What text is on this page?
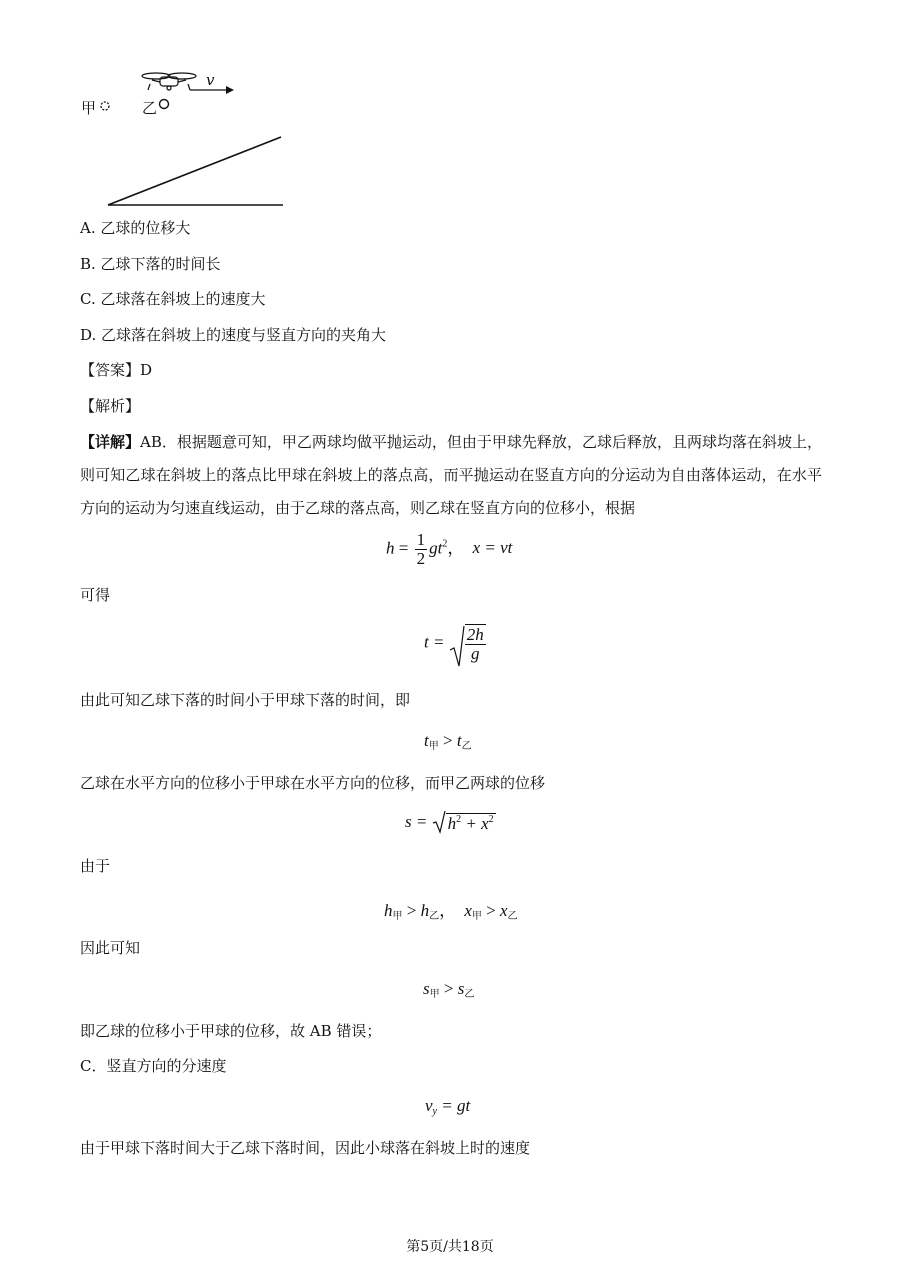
甲	乙
v
A. 乙球的位移大
B. 乙球下落的时间长
C. 乙球落在斜坡上的速度大
D. 乙球落在斜坡上的速度与竖直方向的夹角大
【答案】D
【解析】
【详解】AB．根据题意可知，甲乙两球均做平抛运动，但由于甲球先释放，乙球后释放，且两球均落在斜坡上，则可知乙球在斜坡上的落点比甲球在斜坡上的落点高，而平抛运动在竖直方向的分运动为自由落体运动，在水平方向的运动为匀速直线运动，由于乙球的落点高，则乙球在竖直方向的位移小，根据
$h = \frac{1}{2} gt^2$， x = vt
可得
$t = \frac{2h}{g}$
由此可知乙球下落的时间小于甲球下落的时间，即
$t_甲 > t_乙$
乙球在水平方向的位移小于甲球在水平方向的位移，而甲乙两球的位移
$s = h^2 + x^2$
由于
$h_甲 > h_乙$， $x_甲 > x_乙$
因此可知
$s_甲 > s_乙$
即乙球的位移小于甲球的位移，故 AB 错误；
C．竖直方向的分速度
$v_y$ = gt
由于甲球下落时间大于乙球下落时间，因此小球落在斜坡上时的速度
第5页/共18页
